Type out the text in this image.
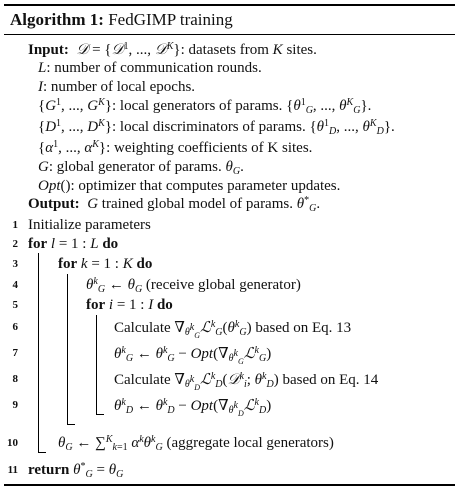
Algorithm 1: FedGIMP training
Input: 𝒟 = {𝒟$^1$, ..., 𝒟$^K$}: datasets from K sites.
L: number of communication rounds.
I: number of local epochs.
{$G^1$, ..., $G^K$}: local generators of params. {$\theta^1_G$, ..., $\theta^K_G$}.
{$D^1$, ..., $D^K$}: local discriminators of params. {$\theta^1_D$, ..., $\theta^K_D$}.
{$\alpha^1$, ..., $\alpha^K$}: weighting coefficients of K sites.
G: global generator of params. $\theta_G$.
Opt(): optimizer that computes parameter updates.
Output:  G trained global model of params. $\theta^*_G$.
1 Initialize parameters
2 for l = 1 : L do
3	for k = 1 : K do
4	$\theta^k_G$ ← $\theta_G$ (receive global generator)
5	for i = 1 : I do
6	Calculate $\nabla_{\theta^k_G}ℒ^k_G(\theta^k_G)$ based on Eq. 13
7	$\theta^k_G$ ← $\theta^k_G$ − $Opt(\nabla_{\theta^k_G}ℒ^k_G)$
8	Calculate $\nabla_{\theta^k_D}ℒ^k_D(𝒟^k_i$; $\theta^k_D$) based on Eq. 14
9	$\theta^k_D$ ← $\theta^k_D$ − $Opt(\nabla_{\theta^k_D}ℒ^k_D)$
10	$\theta_G$ ← ∑$^K_{k=1}$ $\alpha^k\theta^k_G$ (aggregate local generators)
11 return $\theta^*_G = \theta_G$
